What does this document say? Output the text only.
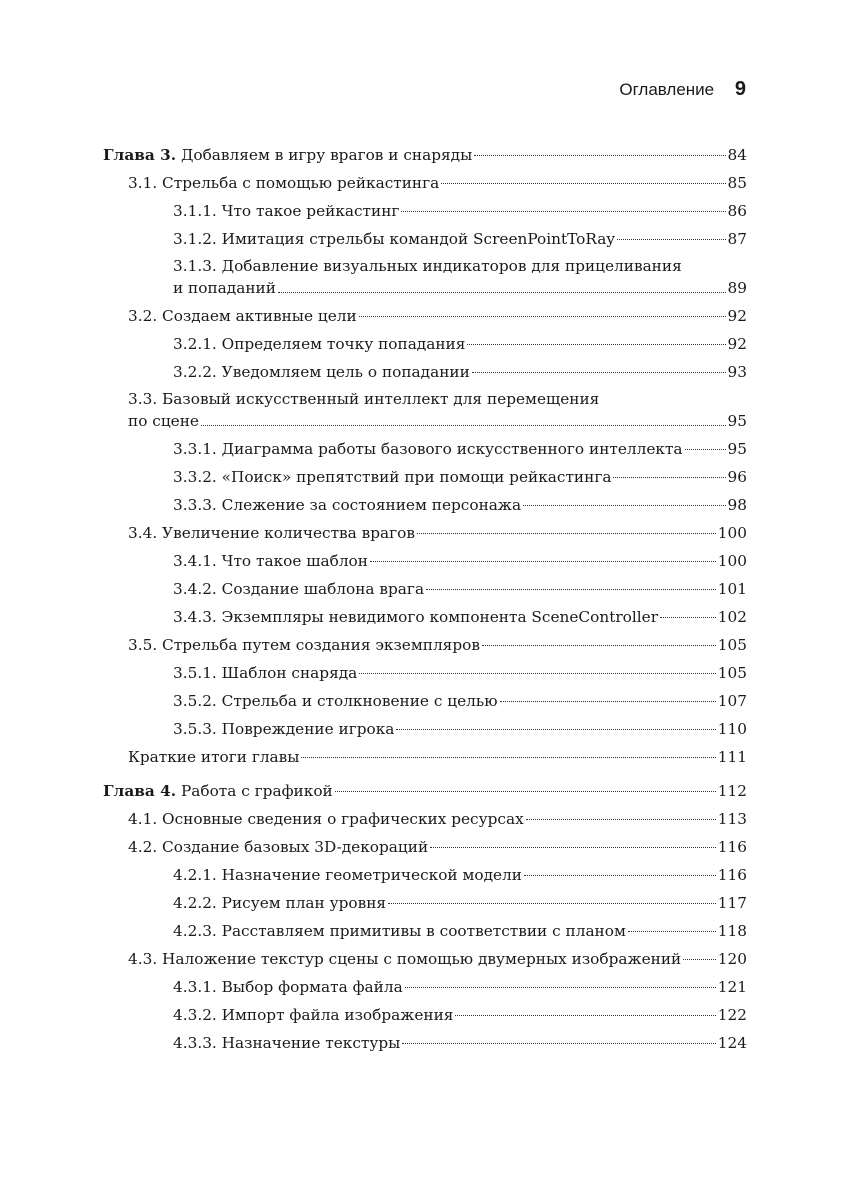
Оглавление 9
Глава 3. Добавляем в игру врагов и снаряды	84
3.1. Стрельба с помощью рейкастинга	85
3.1.1. Что такое рейкастинг	86
3.1.2. Имитация стрельбы командой ScreenPointToRay	87
3.1.3. Добавление визуальных индикаторов для прицеливания
и попаданий	89
3.2. Создаем активные цели	92
3.2.1. Определяем точку попадания	92
3.2.2. Уведомляем цель о попадании	93
3.3. Базовый искусственный интеллект для перемещения
по сцене	95
3.3.1. Диаграмма работы базового искусственного интеллекта	95
3.3.2. «Поиск» препятствий при помощи рейкастинга	96
3.3.3. Слежение за состоянием персонажа	98
3.4. Увеличение количества врагов	100
3.4.1. Что такое шаблон	100
3.4.2. Создание шаблона врага	101
3.4.3. Экземпляры невидимого компонента SceneController	102
3.5. Стрельба путем создания экземпляров	105
3.5.1. Шаблон снаряда	105
3.5.2. Стрельба и столкновение с целью	107
3.5.3. Повреждение игрока	110
Краткие итоги главы	111
Глава 4. Работа с графикой	112
4.1. Основные сведения о графических ресурсах	113
4.2. Создание базовых 3D-декораций	116
4.2.1. Назначение геометрической модели	116
4.2.2. Рисуем план уровня	117
4.2.3. Расставляем примитивы в соответствии с планом	118
4.3. Наложение текстур сцены с помощью двумерных изображений 120
4.3.1. Выбор формата файла	121
4.3.2. Импорт файла изображения	122
4.3.3. Назначение текстуры	124
